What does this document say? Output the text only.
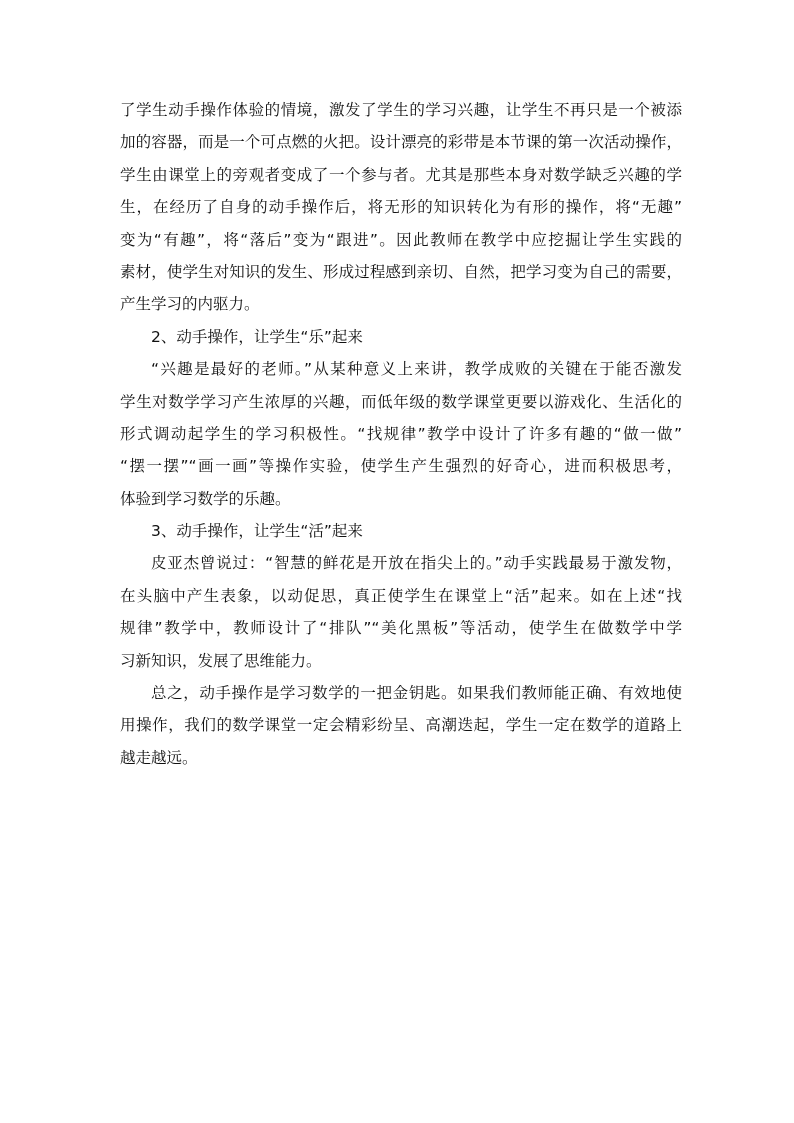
了学生动手操作体验的情境，激发了学生的学习兴趣，让学生不再只是一个被添
加的容器，而是一个可点燃的火把。设计漂亮的彩带是本节课的第一次活动操作，
学生由课堂上的旁观者变成了一个参与者。尤其是那些本身对数学缺乏兴趣的学
生，在经历了自身的动手操作后，将无形的知识转化为有形的操作，将“无趣”
变为“有趣”，将“落后”变为“跟进”。因此教师在教学中应挖掘让学生实践的
素材，使学生对知识的发生、形成过程感到亲切、自然，把学习变为自己的需要，
产生学习的内驱力。
2、动手操作，让学生“乐”起来
“兴趣是最好的老师。”从某种意义上来讲，教学成败的关键在于能否激发
学生对数学学习产生浓厚的兴趣，而低年级的数学课堂更要以游戏化、生活化的
形式调动起学生的学习积极性。“找规律”教学中设计了许多有趣的“做一做”
“摆一摆”“画一画”等操作实验，使学生产生强烈的好奇心，进而积极思考，
体验到学习数学的乐趣。
3、动手操作，让学生“活”起来
皮亚杰曾说过：“智慧的鲜花是开放在指尖上的。”动手实践最易于激发物，
在头脑中产生表象，以动促思，真正使学生在课堂上“活”起来。如在上述“找
规律”教学中，教师设计了“排队”“美化黑板”等活动，使学生在做数学中学
习新知识，发展了思维能力。
总之，动手操作是学习数学的一把金钥匙。如果我们教师能正确、有效地使
用操作，我们的数学课堂一定会精彩纷呈、高潮迭起，学生一定在数学的道路上
越走越远。
